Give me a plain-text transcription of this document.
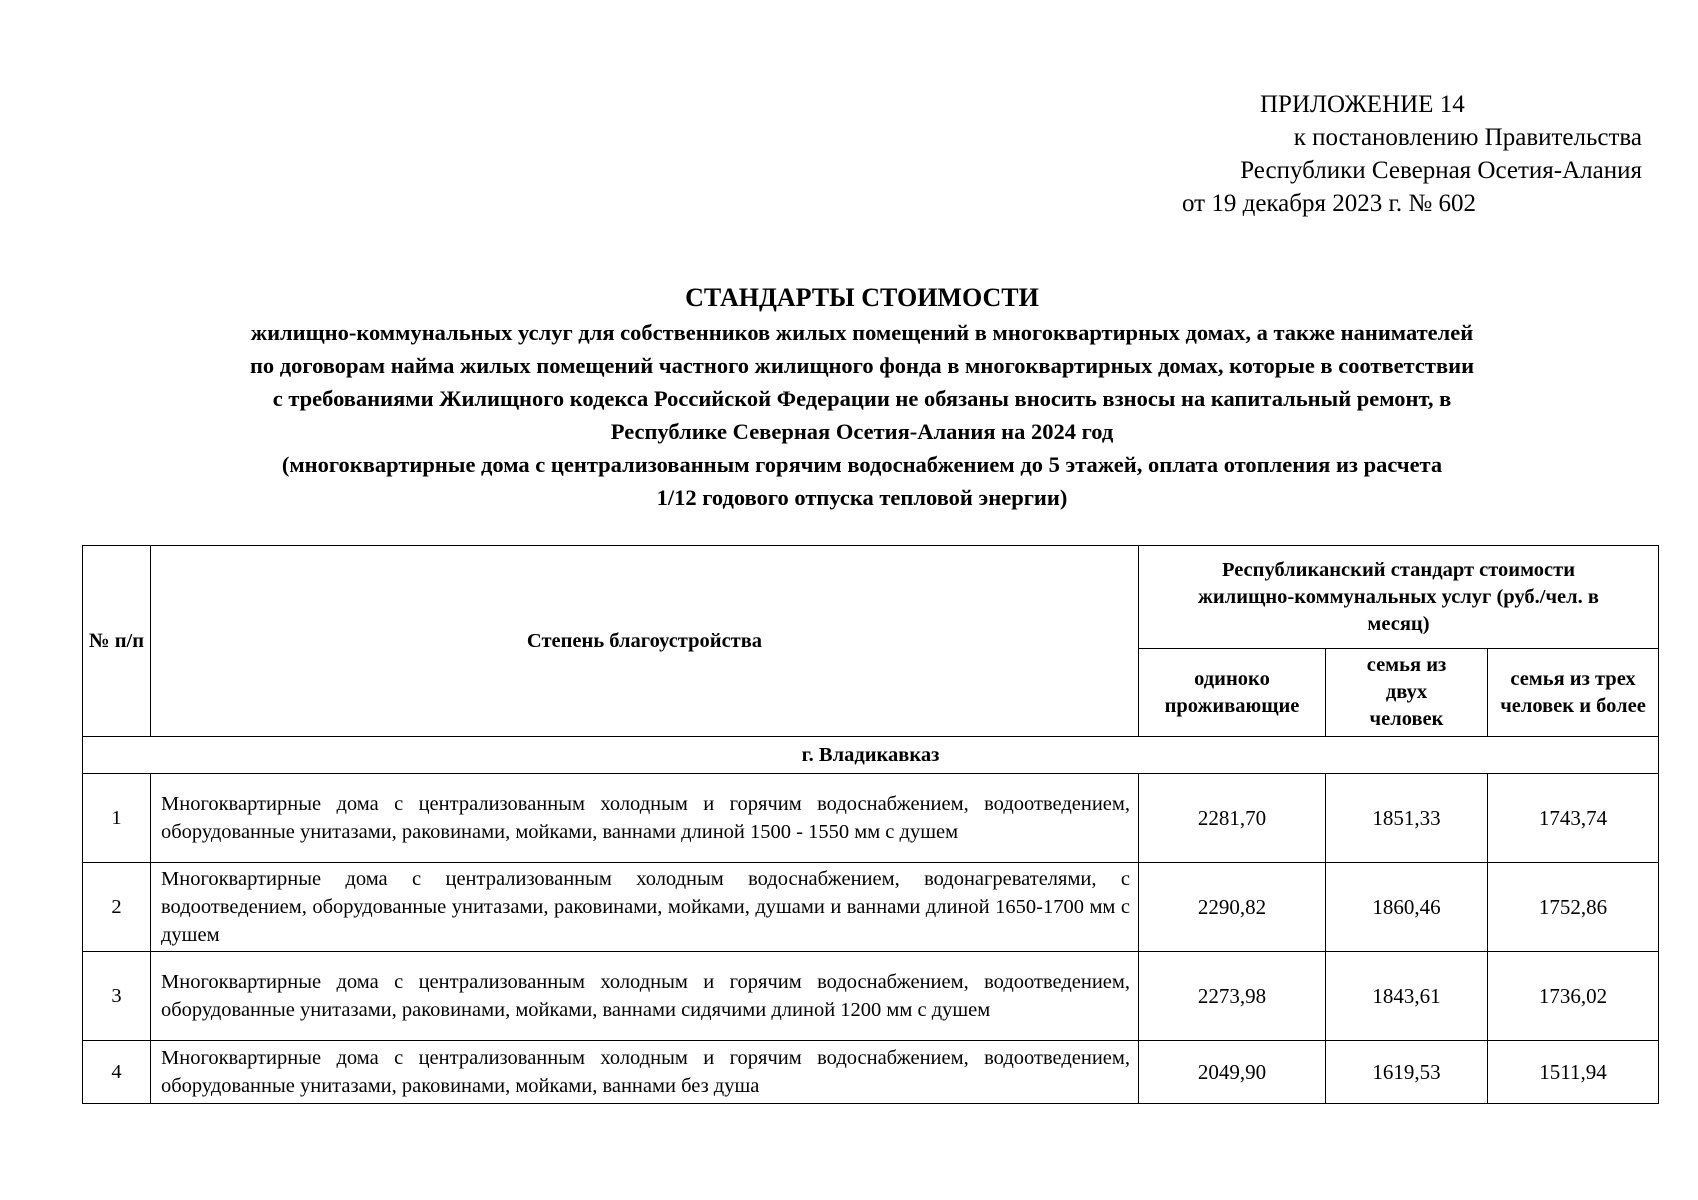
ПРИЛОЖЕНИЕ 14
к постановлению Правительства
Республики Северная Осетия-Алания
от 19 декабря 2023 г. № 602
СТАНДАРТЫ СТОИМОСТИ
жилищно-коммунальных услуг для собственников жилых помещений в многоквартирных домах, а также нанимателей
по договорам найма жилых помещений частного жилищного фонда в многоквартирных домах, которые в соответствии
с требованиями Жилищного кодекса Российской Федерации не обязаны вносить взносы на капитальный ремонт, в
Республике Северная Осетия-Алания на 2024 год
(многоквартирные дома с централизованным горячим водоснабжением до 5 этажей, оплата отопления из расчета
1/12 годового отпуска тепловой энергии)
№ п/п	Степень благоустройства	Республиканский стандарт стоимости жилищно-коммунальных услуг (руб./чел. в месяц)		
		одиноко проживающие	семья из двух человек	семья из трех человек и более
г. Владикавказ				
1	Многоквартирные дома с централизованным холодным и горячим водоснабжением, водоотведением, оборудованные унитазами, раковинами, мойками, ваннами длиной 1500 - 1550 мм с душем	2281,70	1851,33	1743,74
2	Многоквартирные дома с централизованным холодным водоснабжением, водонагревателями, с водоотведением, оборудованные унитазами, раковинами, мойками, душами и ваннами длиной 1650-1700 мм с душем	2290,82	1860,46	1752,86
3	Многоквартирные дома с централизованным холодным и горячим водоснабжением, водоотведением, оборудованные унитазами, раковинами, мойками, ваннами сидячими длиной 1200 мм с душем	2273,98	1843,61	1736,02
4	Многоквартирные дома с централизованным холодным и горячим водоснабжением, водоотведением, оборудованные унитазами, раковинами, мойками, ваннами без душа	2049,90	1619,53	1511,94
